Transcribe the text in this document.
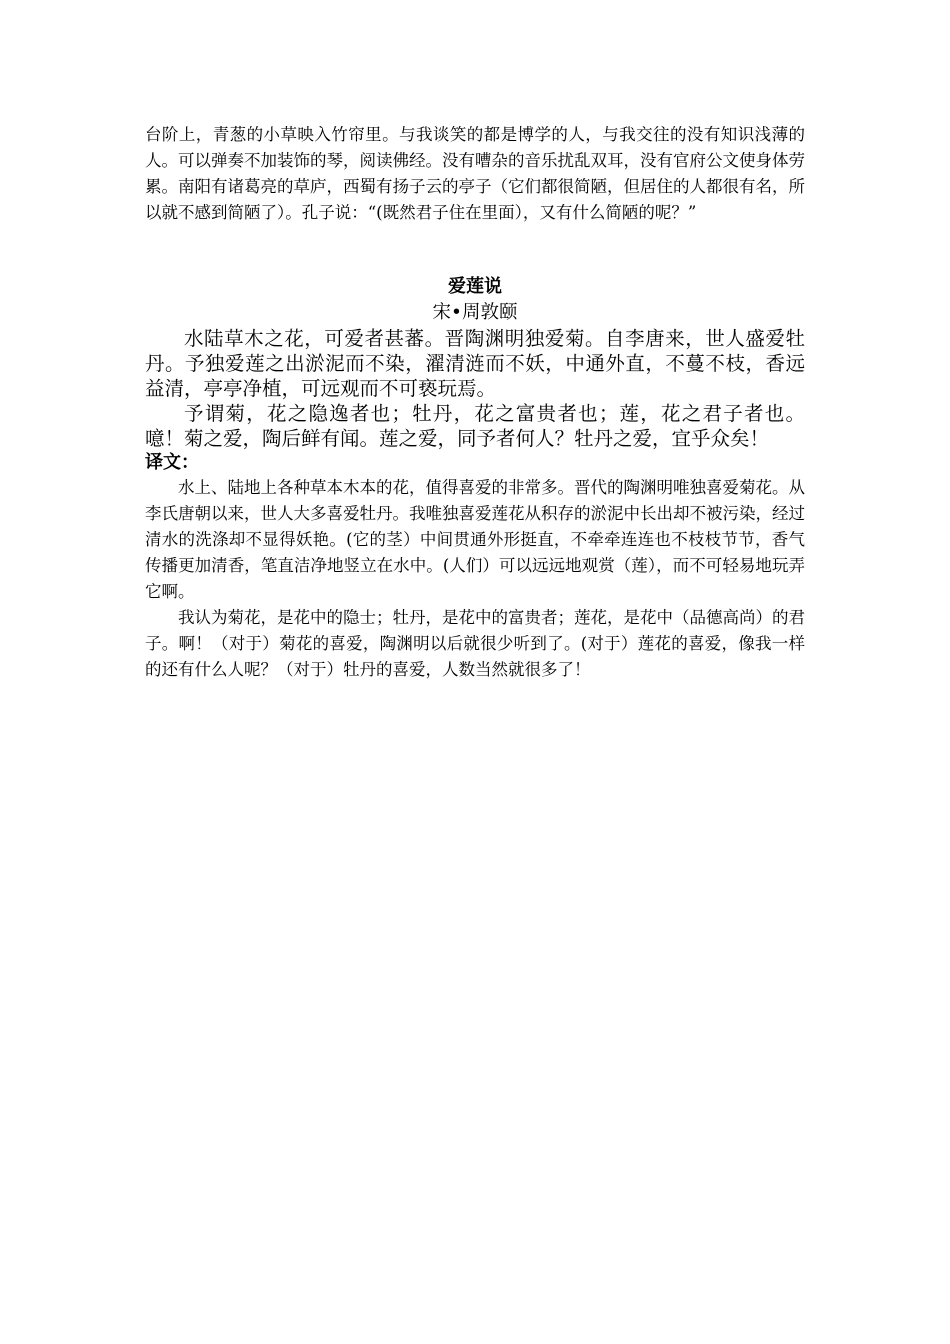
台阶上，青葱的小草映入竹帘里。与我谈笑的都是博学的人，与我交往的没有知识浅薄的人。可以弹奏不加装饰的琴，阅读佛经。没有嘈杂的音乐扰乱双耳，没有官府公文使身体劳累。南阳有诸葛亮的草庐，西蜀有扬子云的亭子（它们都很简陋，但居住的人都很有名，所以就不感到简陋了）。孔子说：“(既然君子住在里面），又有什么简陋的呢？”

爱莲说
宋•周敦颐

水陆草木之花，可爱者甚蕃。晋陶渊明独爱菊。自李唐来，世人盛爱牡丹。予独爱莲之出淤泥而不染，濯清涟而不妖，中通外直，不蔓不枝，香远益清，亭亭净植，可远观而不可亵玩焉。

予谓菊，花之隐逸者也；牡丹，花之富贵者也；莲，花之君子者也。噫！菊之爱，陶后鲜有闻。莲之爱，同予者何人？牡丹之爱，宜乎众矣！

译文：

水上、陆地上各种草本木本的花，值得喜爱的非常多。晋代的陶渊明唯独喜爱菊花。从李氏唐朝以来，世人大多喜爱牡丹。我唯独喜爱莲花从积存的淤泥中长出却不被污染，经过清水的洗涤却不显得妖艳。(它的茎）中间贯通外形挺直，不牵牵连连也不枝枝节节，香气传播更加清香，笔直洁净地竖立在水中。(人们）可以远远地观赏（莲），而不可轻易地玩弄它啊。

我认为菊花，是花中的隐士；牡丹，是花中的富贵者；莲花，是花中（品德高尚）的君子。啊！（对于）菊花的喜爱，陶渊明以后就很少听到了。(对于）莲花的喜爱，像我一样的还有什么人呢？（对于）牡丹的喜爱，人数当然就很多了！
